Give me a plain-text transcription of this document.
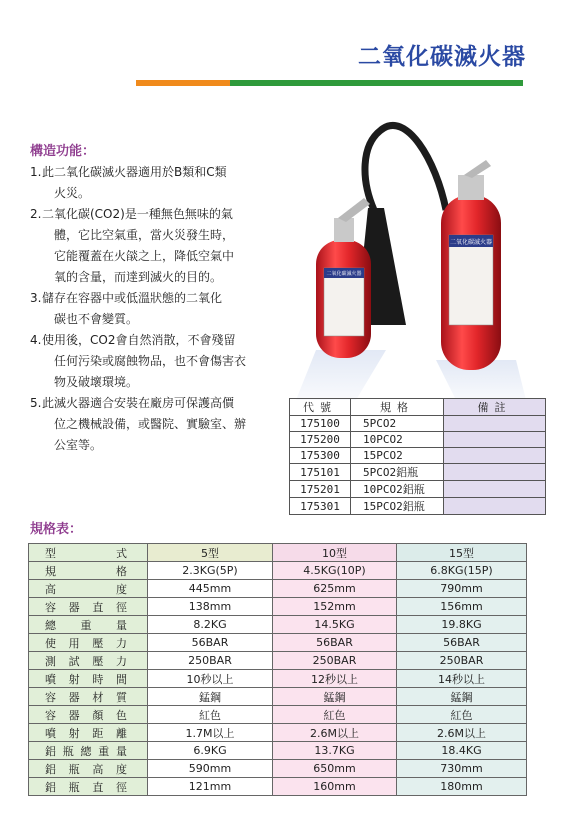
二氧化碳滅火器
構造功能：
1. 此二氧化碳滅火器適用於B類和C類
火災。
2. 二氧化碳(CO2)是一種無色無味的氣
體，它比空氣重，當火災發生時，
它能覆蓋在火燄之上，降低空氣中
氧的含量，而達到滅火的目的。
3. 儲存在容器中或低溫狀態的二氧化
碳也不會變質。
4. 使用後，CO2會自然消散，不會殘留
任何污染或腐蝕物品，也不會傷害衣
物及破壞環境。
5. 此滅火器適合安裝在廠房可保護高價
位之機械設備，或醫院、實驗室、辦
公室等。
二氧化碳滅火器
二氧化碳滅火器
代號	規格	備註
175100	5PCO2	
175200	10PCO2	
175300	15PCO2	
175101	5PCO2鋁瓶	
175201	10PCO2鋁瓶	
175301	15PCO2鋁瓶	
規格表：
型式	5型	10型	15型
規格	2.3KG(5P)	4.5KG(10P)	6.8KG(15P)
高度	445mm	625mm	790mm
容器直徑	138mm	152mm	156mm
總重量	8.2KG	14.5KG	19.8KG
使用壓力	56BAR	56BAR	56BAR
測試壓力	250BAR	250BAR	250BAR
噴射時間	10秒以上	12秒以上	14秒以上
容器材質	錳鋼	錳鋼	錳鋼
容器顏色	紅色	紅色	紅色
噴射距離	1.7M以上	2.6M以上	2.6M以上
鋁瓶總重量	6.9KG	13.7KG	18.4KG
鋁瓶高度	590mm	650mm	730mm
鋁瓶直徑	121mm	160mm	180mm
